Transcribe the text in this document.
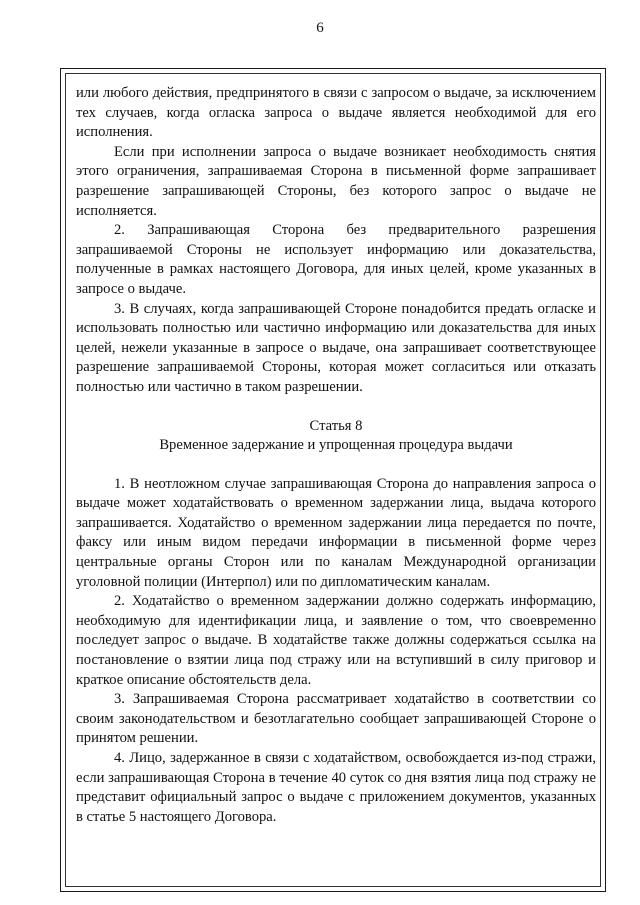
6

или любого действия, предпринятого в связи с запросом о выдаче, за исключением тех случаев, когда огласка запроса о выдаче является необходимой для его исполнения.

Если при исполнении запроса о выдаче возникает необходимость снятия этого ограничения, запрашиваемая Сторона в письменной форме запрашивает разрешение запрашивающей Стороны, без которого запрос о выдаче не исполняется.

2. Запрашивающая Сторона без предварительного разрешения запрашиваемой Стороны не использует информацию или доказательства, полученные в рамках настоящего Договора, для иных целей, кроме указанных в запросе о выдаче.

3. В случаях, когда запрашивающей Стороне понадобится предать огласке и использовать полностью или частично информацию или доказательства для иных целей, нежели указанные в запросе о выдаче, она запрашивает соответствующее разрешение запрашиваемой Стороны, которая может согласиться или отказать полностью или частично в таком разрешении.

Статья 8
Временное задержание и упрощенная процедура выдачи

1. В неотложном случае запрашивающая Сторона до направления запроса о выдаче может ходатайствовать о временном задержании лица, выдача которого запрашивается. Ходатайство о временном задержании лица передается по почте, факсу или иным видом передачи информации в письменной форме через центральные органы Сторон или по каналам Международной организации уголовной полиции (Интерпол) или по дипломатическим каналам.

2. Ходатайство о временном задержании должно содержать информацию, необходимую для идентификации лица, и заявление о том, что своевременно последует запрос о выдаче. В ходатайстве также должны содержаться ссылка на постановление о взятии лица под стражу или на вступивший в силу приговор и краткое описание обстоятельств дела.

3. Запрашиваемая Сторона рассматривает ходатайство в соответствии со своим законодательством и безотлагательно сообщает запрашивающей Стороне о принятом решении.

4. Лицо, задержанное в связи с ходатайством, освобождается из-под стражи, если запрашивающая Сторона в течение 40 суток со дня взятия лица под стражу не представит официальный запрос о выдаче с приложением документов, указанных в статье 5 настоящего Договора.
